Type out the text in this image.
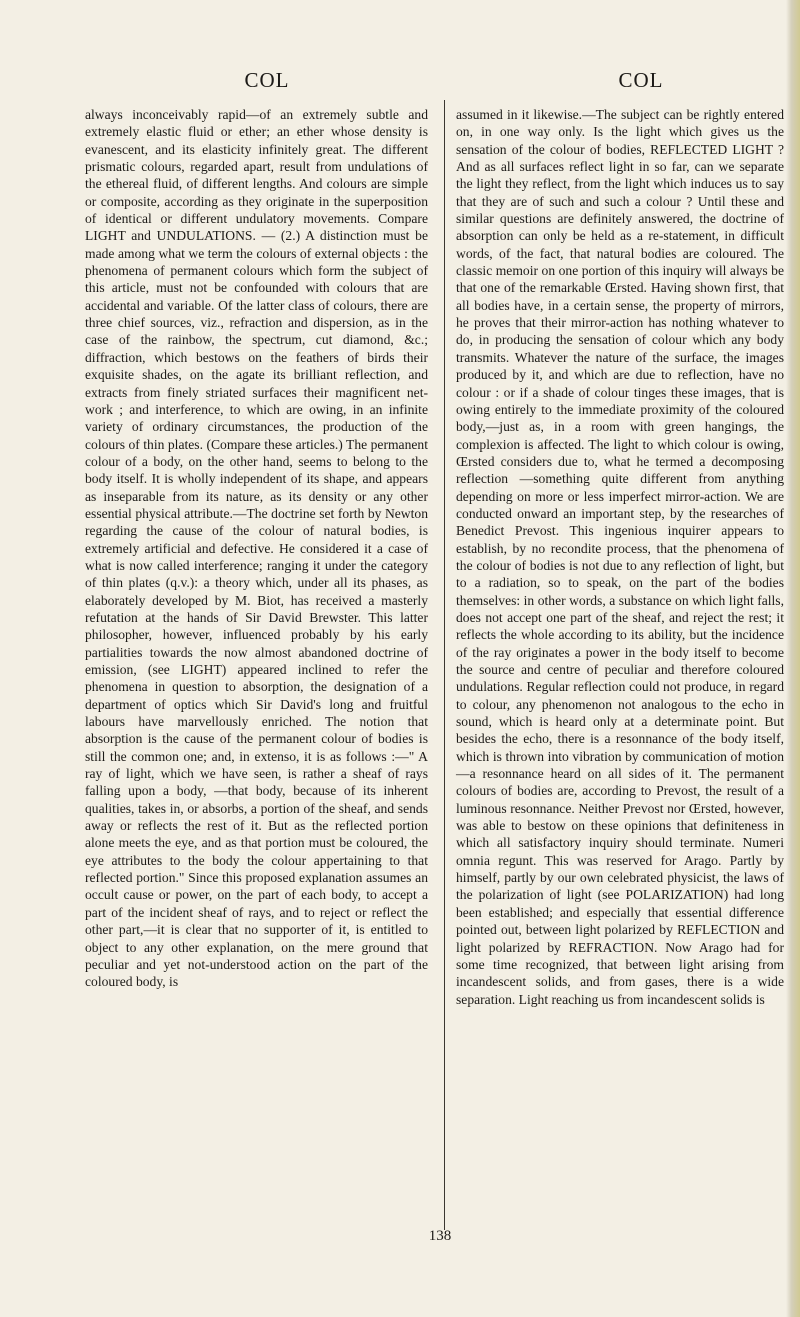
COL	COL

always inconceivably rapid—of an extremely subtle and extremely elastic fluid or ether; an ether whose density is evanescent, and its elasticity infinitely great. The different prismatic colours, regarded apart, result from undulations of the ethereal fluid, of different lengths. And colours are simple or composite, according as they originate in the superposition of identical or different undulatory movements. Compare LIGHT and UNDULATIONS. — (2.) A distinction must be made among what we term the colours of external objects : the phenomena of permanent colours which form the subject of this article, must not be confounded with colours that are accidental and variable. Of the latter class of colours, there are three chief sources, viz., refraction and dispersion, as in the case of the rainbow, the spectrum, cut diamond, &c.; diffraction, which bestows on the feathers of birds their exquisite shades, on the agate its brilliant reflection, and extracts from finely striated surfaces their magnificent net-work ; and interference, to which are owing, in an infinite variety of ordinary circumstances, the production of the colours of thin plates. (Compare these articles.) The permanent colour of a body, on the other hand, seems to belong to the body itself. It is wholly independent of its shape, and appears as inseparable from its nature, as its density or any other essential physical attribute.—The doctrine set forth by Newton regarding the cause of the colour of natural bodies, is extremely artificial and defective. He considered it a case of what is now called interference; ranging it under the category of thin plates (q.v.): a theory which, under all its phases, as elaborately developed by M. Biot, has received a masterly refutation at the hands of Sir David Brewster. This latter philosopher, however, influenced probably by his early partialities towards the now almost abandoned doctrine of emission, (see LIGHT) appeared inclined to refer the phenomena in question to absorption, the designation of a department of optics which Sir David's long and fruitful labours have marvellously enriched. The notion that absorption is the cause of the permanent colour of bodies is still the common one; and, in extenso, it is as follows :—" A ray of light, which we have seen, is rather a sheaf of rays falling upon a body, —that body, because of its inherent qualities, takes in, or absorbs, a portion of the sheaf, and sends away or reflects the rest of it. But as the reflected portion alone meets the eye, and as that portion must be coloured, the eye attributes to the body the colour appertaining to that reflected portion." Since this proposed explanation assumes an occult cause or power, on the part of each body, to accept a part of the incident sheaf of rays, and to reject or reflect the other part,—it is clear that no supporter of it, is entitled to object to any other explanation, on the mere ground that peculiar and yet not-understood action on the part of the coloured body, is

assumed in it likewise.—The subject can be rightly entered on, in one way only. Is the light which gives us the sensation of the colour of bodies, REFLECTED LIGHT ? And as all surfaces reflect light in so far, can we separate the light they reflect, from the light which induces us to say that they are of such and such a colour ? Until these and similar questions are definitely answered, the doctrine of absorption can only be held as a re-statement, in difficult words, of the fact, that natural bodies are coloured. The classic memoir on one portion of this inquiry will always be that one of the remarkable Œrsted. Having shown first, that all bodies have, in a certain sense, the property of mirrors, he proves that their mirror-action has nothing whatever to do, in producing the sensation of colour which any body transmits. Whatever the nature of the surface, the images produced by it, and which are due to reflection, have no colour : or if a shade of colour tinges these images, that is owing entirely to the immediate proximity of the coloured body,—just as, in a room with green hangings, the complexion is affected. The light to which colour is owing, Œrsted considers due to, what he termed a decomposing reflection —something quite different from anything depending on more or less imperfect mirror-action. We are conducted onward an important step, by the researches of Benedict Prevost. This ingenious inquirer appears to establish, by no recondite process, that the phenomena of the colour of bodies is not due to any reflection of light, but to a radiation, so to speak, on the part of the bodies themselves: in other words, a substance on which light falls, does not accept one part of the sheaf, and reject the rest; it reflects the whole according to its ability, but the incidence of the ray originates a power in the body itself to become the source and centre of peculiar and therefore coloured undulations. Regular reflection could not produce, in regard to colour, any phenomenon not analogous to the echo in sound, which is heard only at a determinate point. But besides the echo, there is a resonnance of the body itself, which is thrown into vibration by communication of motion—a resonnance heard on all sides of it. The permanent colours of bodies are, according to Prevost, the result of a luminous resonnance. Neither Prevost nor Œrsted, however, was able to bestow on these opinions that definiteness in which all satisfactory inquiry should terminate. Numeri omnia regunt. This was reserved for Arago. Partly by himself, partly by our own celebrated physicist, the laws of the polarization of light (see POLARIZATION) had long been established; and especially that essential difference pointed out, between light polarized by REFLECTION and light polarized by REFRACTION. Now Arago had for some time recognized, that between light arising from incandescent solids, and from gases, there is a wide separation. Light reaching us from incandescent solids is

138
